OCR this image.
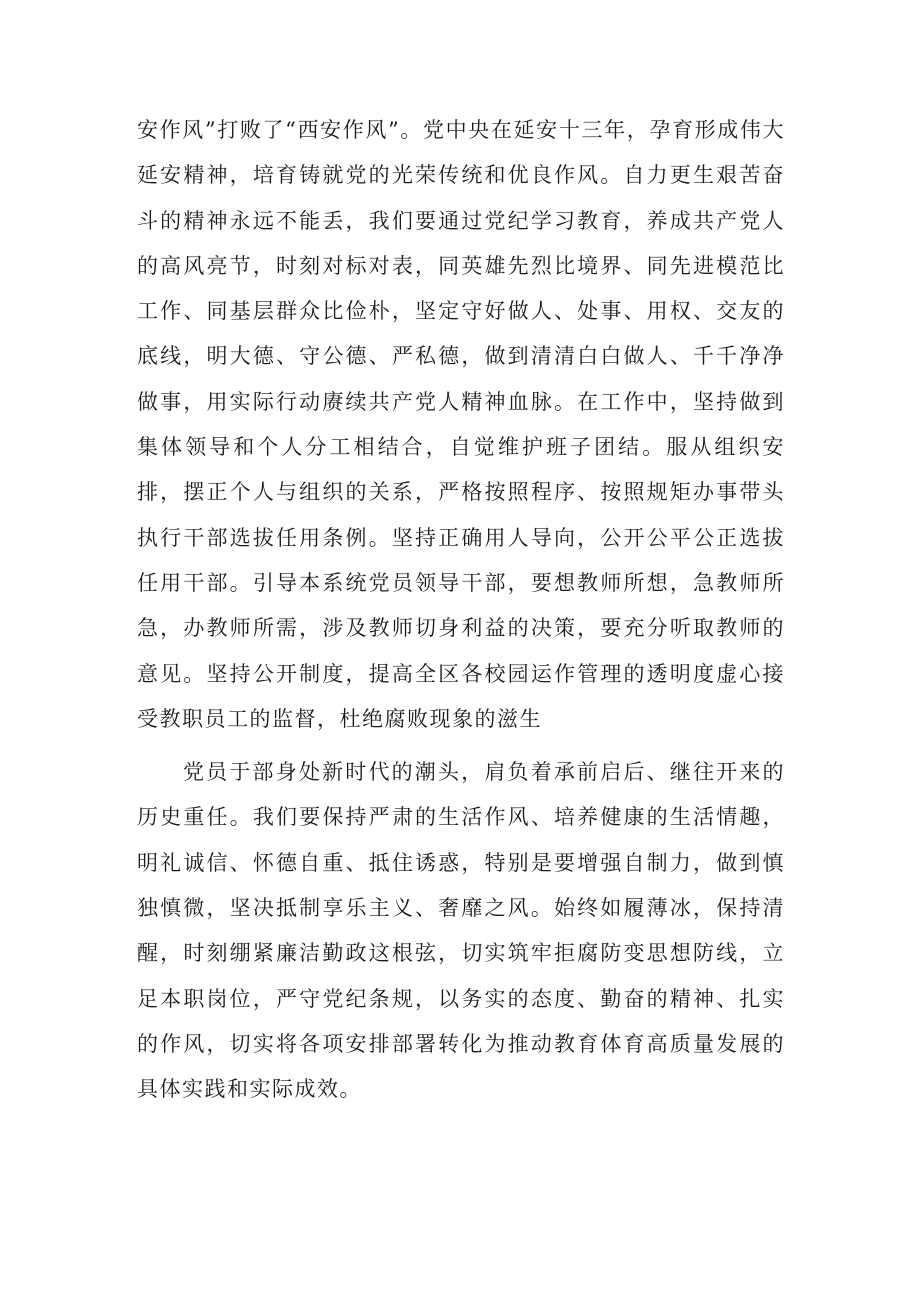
安作风”打败了“西安作风”。党中央在延安十三年，孕育形成伟大延安精神，培育铸就党的光荣传统和优良作风。自力更生艰苦奋斗的精神永远不能丢，我们要通过党纪学习教育，养成共产党人的高风亮节，时刻对标对表，同英雄先烈比境界、同先进模范比工作、同基层群众比俭朴，坚定守好做人、处事、用权、交友的底线，明大德、守公德、严私德，做到清清白白做人、千千净净做事，用实际行动赓续共产党人精神血脉。在工作中，坚持做到集体领导和个人分工相结合，自觉维护班子团结。服从组织安排，摆正个人与组织的关系，严格按照程序、按照规矩办事带头执行干部选拔任用条例。坚持正确用人导向，公开公平公正选拔任用干部。引导本系统党员领导干部，要想教师所想，急教师所急，办教师所需，涉及教师切身利益的决策，要充分听取教师的意见。坚持公开制度，提高全区各校园运作管理的透明度虚心接受教职员工的监督，杜绝腐败现象的滋生

党员于部身处新时代的潮头，肩负着承前启后、继往开来的历史重任。我们要保持严肃的生活作风、培养健康的生活情趣，明礼诚信、怀德自重、抵住诱惑，特别是要增强自制力，做到慎独慎微，坚决抵制享乐主义、奢靡之风。始终如履薄冰，保持清醒，时刻绷紧廉洁勤政这根弦，切实筑牢拒腐防变思想防线，立足本职岗位，严守党纪条规，以务实的态度、勤奋的精神、扎实的作风，切实将各项安排部署转化为推动教育体育高质量发展的具体实践和实际成效。
